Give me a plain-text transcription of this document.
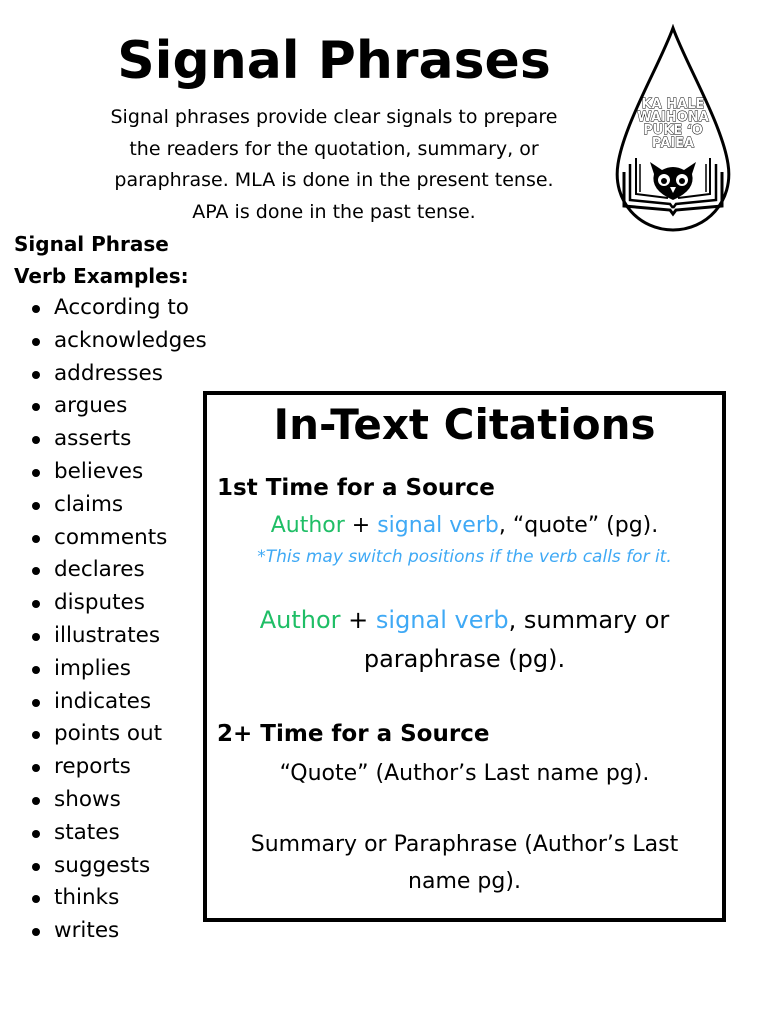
Signal Phrases
Signal phrases provide clear signals to prepare
the readers for the quotation, summary, or
paraphrase. MLA is done in the present tense.
APA is done in the past tense.
KA HALE
WAIHONA
PUKE ʻO
PAIEA
Signal Phrase
Verb Examples:
According to
acknowledges
addresses
argues
asserts
believes
claims
comments
declares
disputes
illustrates
implies
indicates
points out
reports
shows
states
suggests
thinks
writes
In-Text Citations
1st Time for a Source
Author + signal verb, “quote” (pg).
*This may switch positions if the verb calls for it.
Author + signal verb, summary or
paraphrase (pg).
2+ Time for a Source
“Quote” (Author’s Last name pg).
Summary or Paraphrase (Author’s Last
name pg).
